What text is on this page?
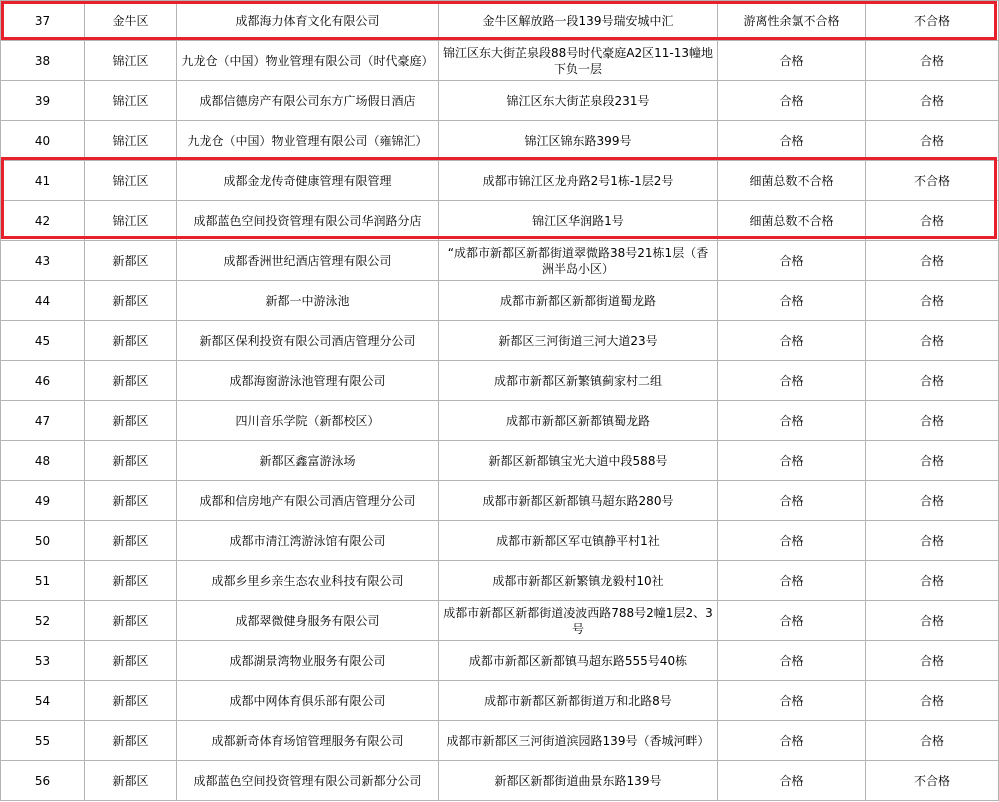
37	金牛区	成都海力体育文化有限公司	金牛区解放路一段139号瑞安城中汇	游离性余氯不合格	不合格
38	锦江区	九龙仓（中国）物业管理有限公司（时代豪庭）	锦江区东大街芷泉段88号时代豪庭A2区11-13幢地下负一层	合格	合格
39	锦江区	成都信德房产有限公司东方广场假日酒店	锦江区东大街芷泉段231号	合格	合格
40	锦江区	九龙仓（中国）物业管理有限公司（雍锦汇）	锦江区锦东路399号	合格	合格
41	锦江区	成都金龙传奇健康管理有限管理	成都市锦江区龙舟路2号1栋-1层2号	细菌总数不合格	不合格
42	锦江区	成都蓝色空间投资管理有限公司华润路分店	锦江区华润路1号	细菌总数不合格	合格
43	新都区	成都香洲世纪酒店管理有限公司	“成都市新都区新都街道翠微路38号21栋1层（香洲半岛小区）	合格	合格
44	新都区	新都一中游泳池	成都市新都区新都街道蜀龙路	合格	合格
45	新都区	新都区保利投资有限公司酒店管理分公司	新都区三河街道三河大道23号	合格	合格
46	新都区	成都海窗游泳池管理有限公司	成都市新都区新繁镇蓟家村二组	合格	合格
47	新都区	四川音乐学院（新都校区）	成都市新都区新都镇蜀龙路	合格	合格
48	新都区	新都区鑫富游泳场	新都区新都镇宝光大道中段588号	合格	合格
49	新都区	成都和信房地产有限公司酒店管理分公司	成都市新都区新都镇马超东路280号	合格	合格
50	新都区	成都市清江湾游泳馆有限公司	成都市新都区军屯镇静平村1社	合格	合格
51	新都区	成都乡里乡亲生态农业科技有限公司	成都市新都区新繁镇龙毅村10社	合格	合格
52	新都区	成都翠微健身服务有限公司	成都市新都区新都街道凌波西路788号2幢1层2、3号	合格	合格
53	新都区	成都湖景湾物业服务有限公司	成都市新都区新都镇马超东路555号40栋	合格	合格
54	新都区	成都中网体育俱乐部有限公司	成都市新都区新都街道万和北路8号	合格	合格
55	新都区	成都新奇体育场馆管理服务有限公司	成都市新都区三河街道滨园路139号（香城河畔）	合格	合格
56	新都区	成都蓝色空间投资管理有限公司新都分公司	新都区新都街道曲景东路139号	合格	不合格
